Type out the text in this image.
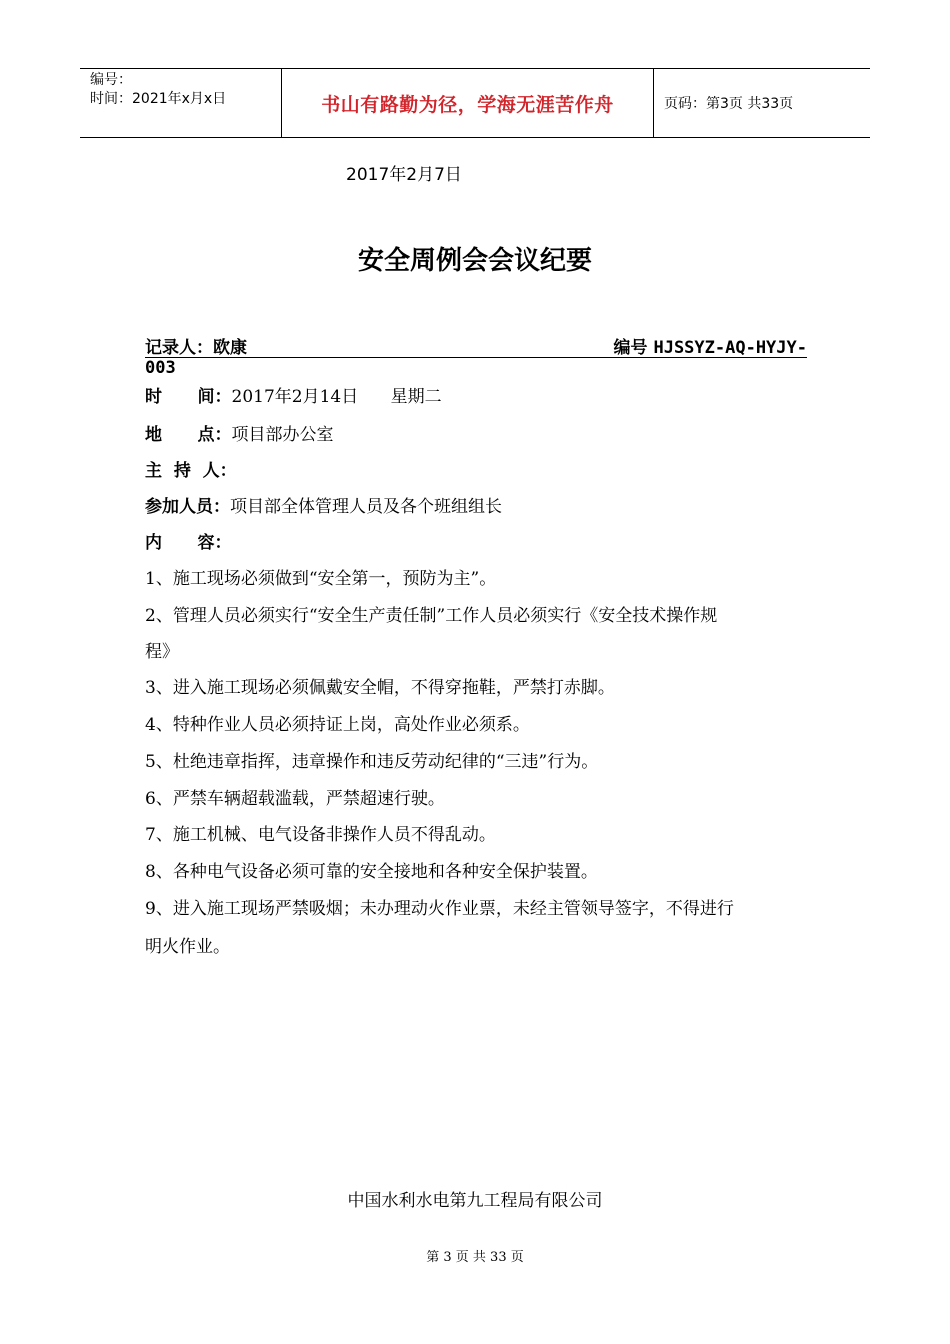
编号：
时间：2021年x月x日	书山有路勤为径，学海无涯苦作舟	页码：第3页 共33页
2017年2月7日
安全周例会会议纪要
记录人：欧康	编号 HJSSYZ-AQ-HYJY-
003
时      间：2017年2月14日      星期二
地      点：项目部办公室
主  持  人：
参加人员：项目部全体管理人员及各个班组组长
内      容：
1、施工现场必须做到“安全第一，预防为主”。
2、管理人员必须实行“安全生产责任制”工作人员必须实行《安全技术操作规
程》
3、进入施工现场必须佩戴安全帽，不得穿拖鞋，严禁打赤脚。
4、特种作业人员必须持证上岗，高处作业必须系。
5、杜绝违章指挥，违章操作和违反劳动纪律的“三违”行为。
6、严禁车辆超载滥载，严禁超速行驶。
7、施工机械、电气设备非操作人员不得乱动。
8、各种电气设备必须可靠的安全接地和各种安全保护装置。
9、进入施工现场严禁吸烟；未办理动火作业票，未经主管领导签字，不得进行
明火作业。
中国水利水电第九工程局有限公司
第 3 页 共 33 页
